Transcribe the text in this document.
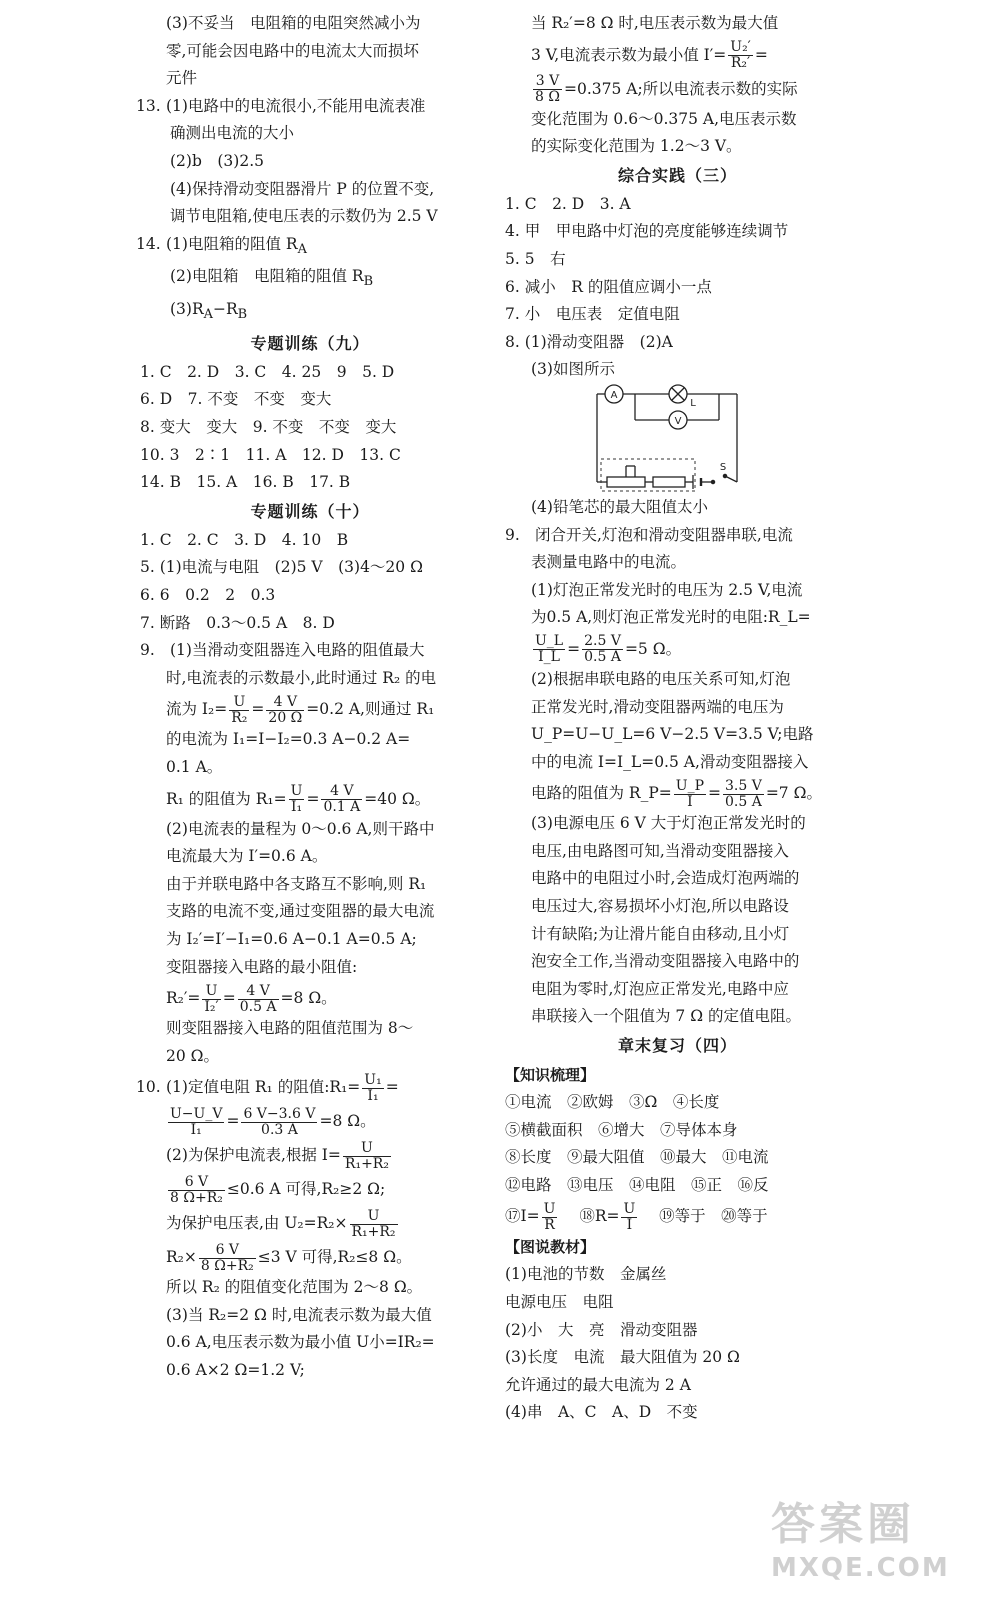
(3)不妥当　电阻箱的电阻突然减小为
零,可能会因电路中的电流太大而损坏
元件
13. (1)电路中的电流很小,不能用电流表准
确测出电流的大小
(2)b　(3)2.5
(4)保持滑动变阻器滑片 P 的位置不变,
调节电阻箱,使电压表的示数仍为 2.5 V
14. (1)电阻箱的阻值 $R_A$
(2)电阻箱　电阻箱的阻值 $R_B$
$(3)R_A-R_B$
专题训练（九）
1. C　2. D　3. C　4. 25　9　5. D
6. D　7. 不变　不变　变大
8. 变大　变大　9. 不变　不变　变大
10. 3　2∶1　11. A　12. D　13. C
14. B　15. A　16. B　17. B
专题训练（十）
1. C　2. C　3. D　4. 10　B
5. (1)电流与电阻　(2)5 V　(3)4～20 Ω
6. 6　0.2　2　0.3
7. 断路　0.3～0.5 A　8. D
9. (1)当滑动变阻器连入电路的阻值最大
时,电流表的示数最小,此时通过 R₂ 的电
流为 $I_2= \frac{U}{\text{R₂}} = \frac{4 V}{20 \Omega} =0.2$ A,则通过 R₁
的电流为 I₁=I−I₂=0.3 A−0.2 A=
0.1 A。
R₁ 的阻值为 $R_1= \frac{U}{\text{I₁}} = \frac{4 V}{0.1 A} =40$ Ω。
(2)电流表的量程为 0～0.6 A,则干路中
电流最大为 I′=0.6 A。
由于并联电路中各支路互不影响,则 R₁
支路的电流不变,通过变阻器的最大电流
为 I₂′=I′−I₁=0.6 A−0.1 A=0.5 A;
变阻器接入电路的最小阻值:
$R_2'= \frac{U}{\text{I₂′}} = \frac{4 V}{0.5 A} =8$ Ω。
则变阻器接入电路的阻值范围为 8～
20 Ω。
10. (1)定值电阻 R₁ 的阻值:R₁= $\frac{\text{U₁}}{\text{I₁}}$ =
$\frac{U-U\_V}{\text{I₁}} = \frac{6 V-3.6 V}{0.3 A} =8$ Ω。
(2)为保护电流表,根据 $I= \frac{U}{\text{R₁+R₂}}$
$\frac{6 V}{\text{8 Ω+R₂}} \le 0.6$ A 可得,R₂≥2 Ω;
为保护电压表,由 $U_2=R_2\times \frac{U}{\text{R₁+R₂}}$
$R_2\times \frac{6 V}{\text{8 Ω+R₂}} \le 3$ V 可得,R₂≤8 Ω。
所以 R₂ 的阻值变化范围为 2～8 Ω。
(3)当 R₂=2 Ω 时,电流表示数为最大值
0.6 A,电压表示数为最小值 U小=IR₂=
0.6 A×2 Ω=1.2 V;
当 R₂′=8 Ω 时,电压表示数为最大值
3 V,电流表示数为最小值 $I'= \frac{\text{U₂′}}{\text{R₂′}}$ =
$\frac{3 V}{8 \Omega} =0.375$ A;所以电流表示数的实际
变化范围为 0.6～0.375 A,电压表示数
的实际变化范围为 1.2～3 V。
综合实践（三）
1. C　2. D　3. A
4. 甲　甲电路中灯泡的亮度能够连续调节
5. 5　右
6. 减小　R 的阻值应调小一点
7. 小　电压表　定值电阻
8. (1)滑动变阻器　(2)A
(3)如图所示
A
V
L
S
(4)铅笔芯的最大阻值太小
9. 闭合开关,灯泡和滑动变阻器串联,电流
表测量电路中的电流。
(1)灯泡正常发光时的电压为 2.5 V,电流
为0.5 A,则灯泡正常发光时的电阻:R_L=
$\frac{U\_L}{I\_L} = \frac{2.5 V}{0.5 A} =5$ Ω。
(2)根据串联电路的电压关系可知,灯泡
正常发光时,滑动变阻器两端的电压为
U_P=U−U_L=6 V−2.5 V=3.5 V;电路
中的电流 I=I_L=0.5 A,滑动变阻器接入
电路的阻值为 R_P= $\frac{U\_P}{I} = \frac{3.5 V}{0.5 A} =7$ Ω。
(3)电源电压 6 V 大于灯泡正常发光时的
电压,由电路图可知,当滑动变阻器接入
电路中的电阻过小时,会造成灯泡两端的
电压过大,容易损坏小灯泡,所以电路设
计有缺陷;为让滑片能自由移动,且小灯
泡安全工作,当滑动变阻器接入电路中的
电阻为零时,灯泡应正常发光,电路中应
串联接入一个阻值为 7 Ω 的定值电阻。
章末复习（四）
【知识梳理】
①电流　②欧姆　③Ω　④长度
⑤横截面积　⑥增大　⑦导体本身
⑧长度　⑨最大阻值　⑩最大　⑪电流
⑫电路　⑬电压　⑭电阻　⑮正　⑯反
⑰I= $\frac{U}{R}$ ⑱R= $\frac{U}{I}$ ⑲等于　⑳等于
【图说教材】
(1)电池的节数　金属丝
电源电压　电阻
(2)小　大　亮　滑动变阻器
(3)长度　电流　最大阻值为 20 Ω
允许通过的最大电流为 2 A
(4)串　A、C　A、D　不变
答案圈
MXQE.COM
